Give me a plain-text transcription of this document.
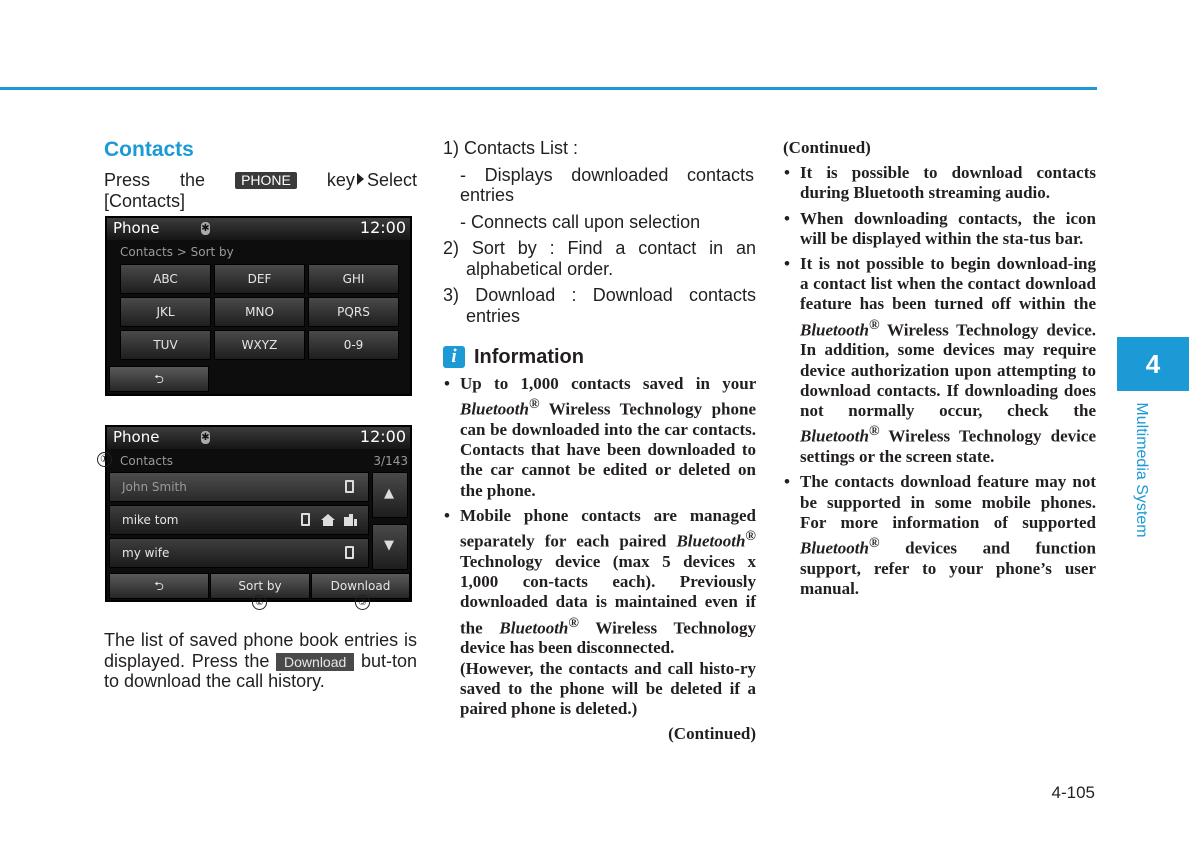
Contacts
Press the	PHONE key Select
[Contacts]
Phone	✱	12:00
Contacts > Sort by
ABC	DEF	GHI
JKL	MNO	PQRS
TUV	WXYZ	0-9
⮌
Phone	✱	12:00
Contacts	3/143
John Smith
mike tom
my wife
▲
▼
⮌	Sort by	Download
①
②	③
The list of saved phone book entries is displayed. Press the Download but-ton to download the call history.
1) Contacts List :
- Displays downloaded contacts entries
- Connects call upon selection
2) Sort by : Find a contact in an alphabetical order.
3) Download : Download contacts entries
i Information
• Up to 1,000 contacts saved in your Bluetooth® Wireless Technology phone can be downloaded into the car contacts. Contacts that have been downloaded to the car cannot be edited or deleted on the phone.
• Mobile phone contacts are managed separately for each paired Bluetooth® Technology device (max 5 devices x 1,000 con-tacts each). Previously downloaded data is maintained even if the Bluetooth® Wireless Technology device has been disconnected.
(However, the contacts and call histo-ry saved to the phone will be deleted if a paired phone is deleted.)
(Continued)
(Continued)
• It is possible to download contacts during Bluetooth streaming audio.
• When downloading contacts, the icon will be displayed within the sta-tus bar.
• It is not possible to begin download-ing a contact list when the contact download feature has been turned off within the Bluetooth® Wireless Technology device. In addition, some devices may require device authorization upon attempting to download contacts. If downloading does not normally occur, check the Bluetooth® Wireless Technology device settings or the screen state.
• The contacts download feature may not be supported in some mobile phones. For more information of supported Bluetooth® devices and function support, refer to your phone’s user manual.
4
Multimedia System
4-105
